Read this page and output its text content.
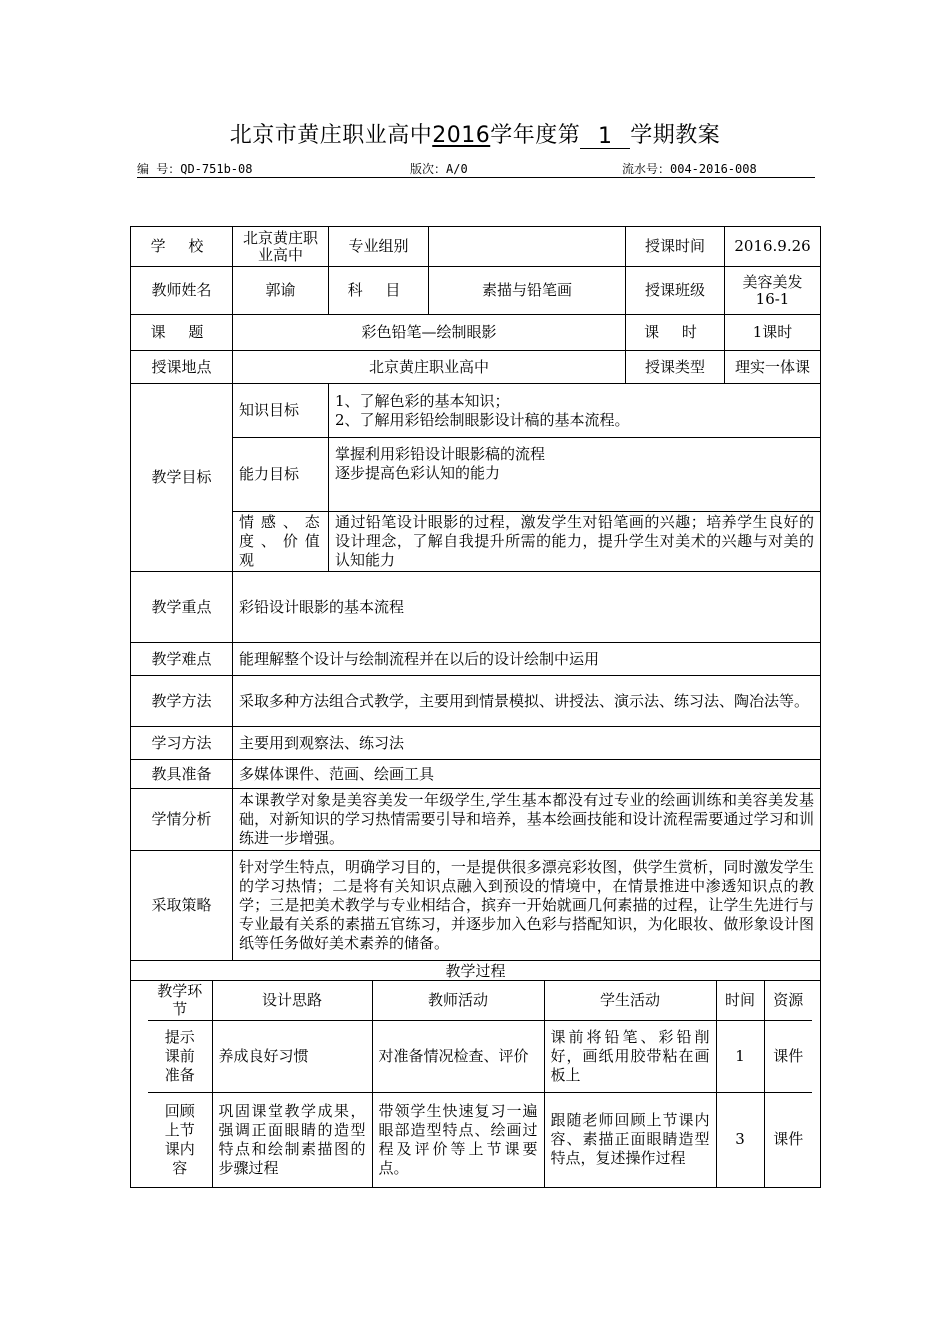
北京市黄庄职业高中2016学年度第 1 学期教案
编 号：QD-751b-08	版次：A/0	流水号：004-2016-008
学 校	北京黄庄职业高中	专业组别		授课时间	2016.9.26
教师姓名	郭谕	科 目	素描与铅笔画	授课班级	美容美发16-1
课 题	彩色铅笔—绘制眼影	课 时	1课时
授课地点	北京黄庄职业高中	授课类型	理实一体课
教学目标	知识目标	1、了解色彩的基本知识；
2、了解用彩铅绘制眼影设计稿的基本流程。
能力目标	掌握利用彩铅设计眼影稿的流程
逐步提高色彩认知的能力
情感、态度、价值观	通过铅笔设计眼影的过程，激发学生对铅笔画的兴趣；培养学生良好的设计理念，了解自我提升所需的能力，提升学生对美术的兴趣与对美的认知能力
教学重点	彩铅设计眼影的基本流程
教学难点	能理解整个设计与绘制流程并在以后的设计绘制中运用
教学方法	采取多种方法组合式教学，主要用到情景模拟、讲授法、演示法、练习法、陶冶法等。
学习方法	主要用到观察法、练习法
教具准备	多媒体课件、范画、绘画工具
学情分析	本课教学对象是美容美发一年级学生,学生基本都没有过专业的绘画训练和美容美发基础，对新知识的学习热情需要引导和培养，基本绘画技能和设计流程需要通过学习和训练进一步增强。
采取策略	针对学生特点，明确学习目的，一是提供很多漂亮彩妆图，供学生赏析，同时激发学生的学习热情；二是将有关知识点融入到预设的情境中，在情景推进中渗透知识点的教学；三是把美术教学与专业相结合，摈弃一开始就画几何素描的过程，让学生先进行与专业最有关系的素描五官练习，并逐步加入色彩与搭配知识，为化眼妆、做形象设计图纸等任务做好美术素养的储备。
教学过程

教学环节	设计思路	教师活动	学生活动	时间	资源
提示课前准备	养成良好习惯	对准备情况检查、评价	课前将铅笔、彩铅削好，画纸用胶带粘在画板上	1	课件
回顾上节课内容	巩固课堂教学成果，强调正面眼睛的造型特点和绘制素描图的步骤过程	带领学生快速复习一遍眼部造型特点、绘画过程及评价等上节课要点。	跟随老师回顾上节课内容、素描正面眼睛造型特点，复述操作过程	3	课件
